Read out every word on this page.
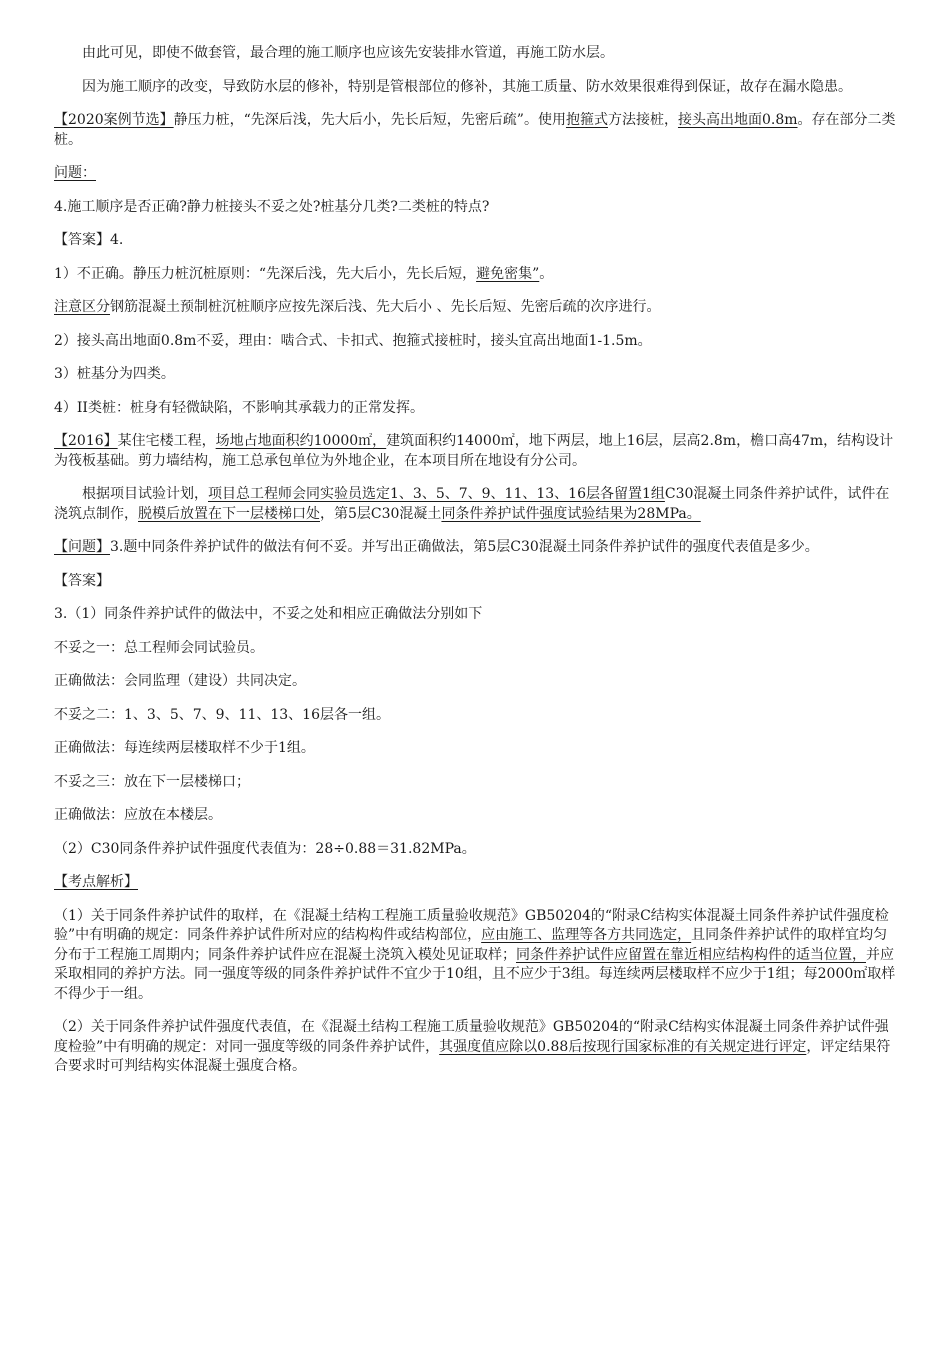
由此可见，即使不做套管，最合理的施工顺序也应该先安装排水管道，再施工防水层。

因为施工顺序的改变，导致防水层的修补，特别是管根部位的修补，其施工质量、防水效果很难得到保证，故存在漏水隐患。

【2020案例节选】静压力桩，“先深后浅，先大后小，先长后短，先密后疏”。使用抱箍式方法接桩，接头高出地面0.8m。存在部分二类桩。

问题：

4.施工顺序是否正确?静力桩接头不妥之处?桩基分几类?二类桩的特点?

【答案】4.

1）不正确。静压力桩沉桩原则：“先深后浅，先大后小，先长后短，避免密集”。

注意区分钢筋混凝土预制桩沉桩顺序应按先深后浅、先大后小 、先长后短、先密后疏的次序进行。

2）接头高出地面0.8m不妥，理由：啮合式、卡扣式、抱箍式接桩时，接头宜高出地面1-1.5m。

3）桩基分为四类。

4）II类桩：桩身有轻微缺陷，不影响其承载力的正常发挥。

【2016】某住宅楼工程，场地占地面积约10000㎡，建筑面积约14000㎡，地下两层，地上16层，层高2.8m，檐口高47m，结构设计为筏板基础。剪力墙结构，施工总承包单位为外地企业，在本项目所在地设有分公司。

根据项目试验计划，项目总工程师会同实验员选定1、3、5、7、9、11、13、16层各留置1组C30混凝土同条件养护试件，试件在浇筑点制作，脱模后放置在下一层楼梯口处，第5层C30混凝土同条件养护试件强度试验结果为28MPa。

【问题】3.题中同条件养护试件的做法有何不妥。并写出正确做法，第5层C30混凝土同条件养护试件的强度代表值是多少。

【答案】

3.（1）同条件养护试件的做法中，不妥之处和相应正确做法分别如下

不妥之一：总工程师会同试验员。

正确做法：会同监理（建设）共同决定。

不妥之二：1、3、5、7、9、11、13、16层各一组。

正确做法：每连续两层楼取样不少于1组。

不妥之三：放在下一层楼梯口；

正确做法：应放在本楼层。

（2）C30同条件养护试件强度代表值为：28÷0.88＝31.82MPa。

【考点解析】

（1）关于同条件养护试件的取样，在《混凝土结构工程施工质量验收规范》GB50204的“附录C结构实体混凝土同条件养护试件强度检验”中有明确的规定：同条件养护试件所对应的结构构件或结构部位，应由施工、监理等各方共同选定，且同条件养护试件的取样宜均匀分布于工程施工周期内；同条件养护试件应在混凝土浇筑入模处见证取样；同条件养护试件应留置在靠近相应结构构件的适当位置，并应采取相同的养护方法。同一强度等级的同条件养护试件不宜少于10组，且不应少于3组。每连续两层楼取样不应少于1组；每2000㎡取样不得少于一组。

（2）关于同条件养护试件强度代表值，在《混凝土结构工程施工质量验收规范》GB50204的“附录C结构实体混凝土同条件养护试件强度检验”中有明确的规定：对同一强度等级的同条件养护试件，其强度值应除以0.88后按现行国家标准的有关规定进行评定，评定结果符合要求时可判结构实体混凝土强度合格。
